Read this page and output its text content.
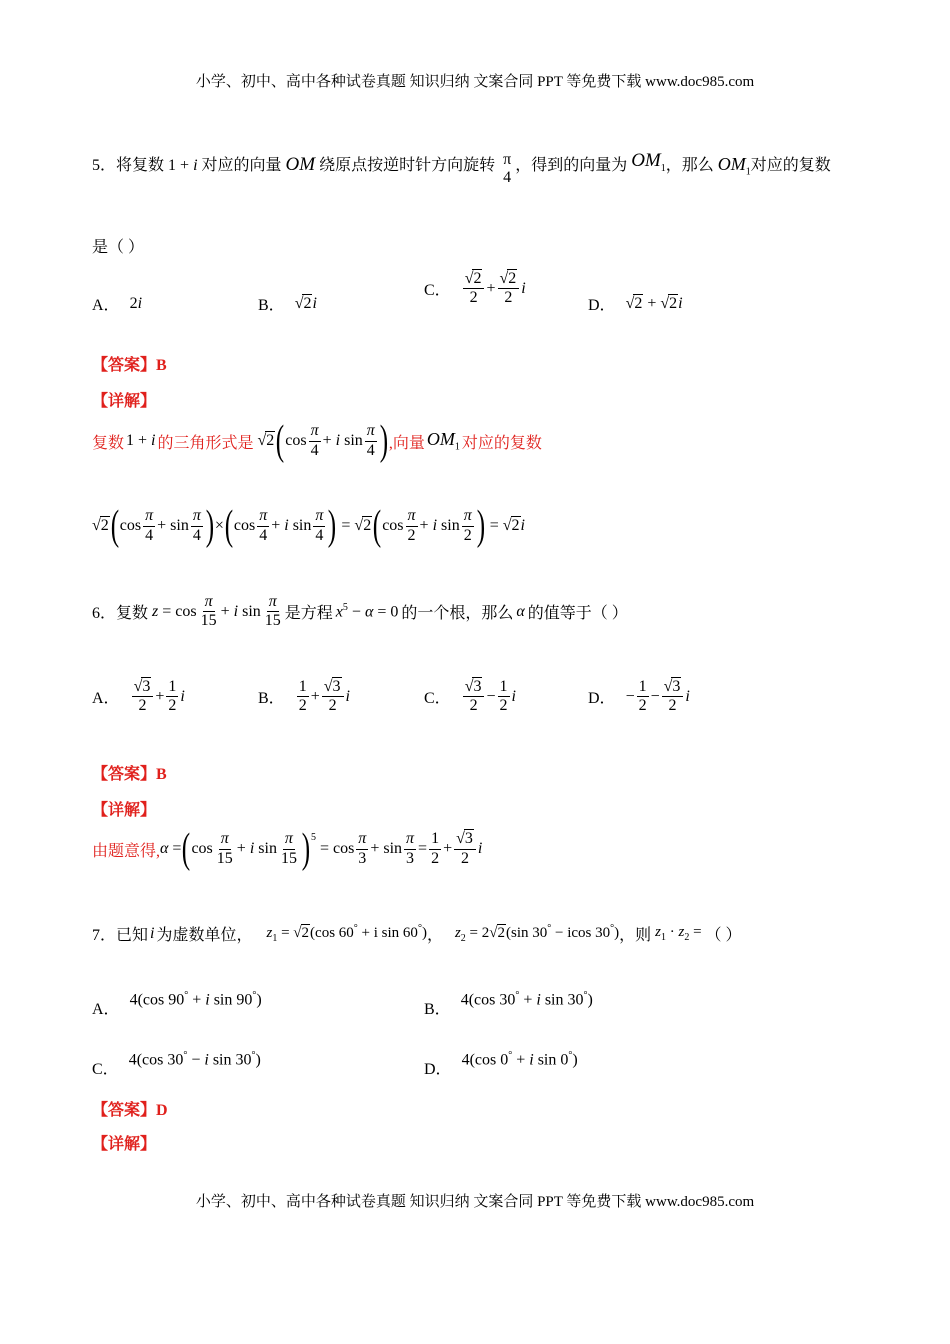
小学、初中、高中各种试卷真题 知识归纳 文案合同 PPT 等免费下载 www.doc985.com
5．将复数 1 + i 对应的向量 OM 绕原点按逆时针方向旋转 π
4
，得到的向量为 $OM_1$，那么 $OM_1$对应的复数
是（ ）
A． 2i	B． √2i
C． $\frac{√2}{2} + \frac{√2}{2}$ i
D． √2 + √2i
【答案】B
【详解】
复数 1 + i 的三角形式是 √2 ( $\cos \frac{\pi}{4} + i$ $\sin \frac{\pi}{4}$ ) ,向量 $OM_1$ 对应的复数
√ 2 ( $\cos \frac{\pi}{4} + \sin \frac{\pi}{4}$ ) × ( $\cos \frac{\pi}{4} + i$ $\sin \frac{\pi}{4}$ ) = √ 2 ( $\cos \frac{\pi}{2} + i$ $\sin \frac{\pi}{2}$ ) = √ 2 i
6． 复数 $z = \cos \frac{\pi}{15} + i$ $\sin \frac{\pi}{15}$ 是方程 $x^5 - \alpha = 0$ 的一个根，那么 α 的值等于（ ）
A． $\frac{√3}{2} + \frac{1}{2}$ i	B． $\frac{1}{2} + \frac{√3}{2}$ i	C． $\frac{√3}{2} - \frac{1}{2}$ i	D． − $\frac{1}{2} - \frac{√3}{2}$ i
【答案】B
【详解】
由题意得, α = ( $\cos \frac{\pi}{15} + i$ $\sin \frac{\pi}{15} )^5$
= $\cos \frac{\pi}{3} + \sin \frac{\pi}{3} = \frac{1}{2} + \frac{√3}{2}$ i
7． 已知 i 为虚数单位， $z_1 = √2(\cos$ 60° + i sin 60°) ， $z_2 = 2√2(\sin$ 30° − icos 30°) ，则 $z_1 \cdot z_2$ = （ ）
A．
4(cos 90° + i sin 90°)
B．
4(cos 30° + i sin 30°)
C．
4(cos 30° − i sin 30°)
D．
4(cos 0° + i sin 0°)
【答案】D
【详解】
小学、初中、高中各种试卷真题 知识归纳 文案合同 PPT 等免费下载 www.doc985.com
